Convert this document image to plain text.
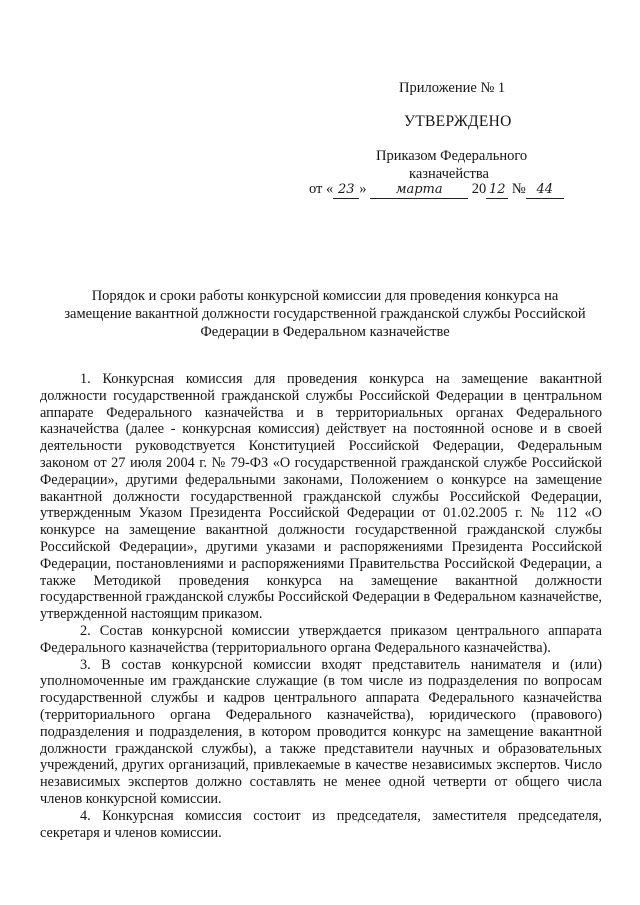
Приложение № 1
УТВЕРЖДЕНО
Приказом Федерального
казначейства
от « 23 » марта 20 12 № 44
Порядок и сроки работы конкурсной комиссии для проведения конкурса на
замещение вакантной должности государственной гражданской службы Российской
Федерации в Федеральном казначействе

1. Конкурсная комиссия для проведения конкурса на замещение вакантной должности государственной гражданской службы Российской Федерации в центральном аппарате Федерального казначейства и в территориальных органах Федерального казначейства (далее - конкурсная комиссия) действует на постоянной основе и в своей деятельности руководствуется Конституцией Российской Федерации, Федеральным законом от 27 июля 2004 г. № 79-ФЗ «О государственной гражданской службе Российской Федерации», другими федеральными законами, Положением о конкурсе на замещение вакантной должности государственной гражданской службы Российской Федерации, утвержденным Указом Президента Российской Федерации от 01.02.2005 г. № 112 «О конкурсе на замещение вакантной должности государственной гражданской службы Российской Федерации», другими указами и распоряжениями Президента Российской Федерации, постановлениями и распоряжениями Правительства Российской Федерации, а также Методикой проведения конкурса на замещение вакантной должности государственной гражданской службы Российской Федерации в Федеральном казначействе, утвержденной настоящим приказом.

2. Состав конкурсной комиссии утверждается приказом центрального аппарата Федерального казначейства (территориального органа Федерального казначейства).

3. В состав конкурсной комиссии входят представитель нанимателя и (или) уполномоченные им гражданские служащие (в том числе из подразделения по вопросам государственной службы и кадров центрального аппарата Федерального казначейства (территориального органа Федерального казначейства), юридического (правового) подразделения и подразделения, в котором проводится конкурс на замещение вакантной должности гражданской службы), а также представители научных и образовательных учреждений, других организаций, привлекаемые в качестве независимых экспертов. Число независимых экспертов должно составлять не менее одной четверти от общего числа членов конкурсной комиссии.

4. Конкурсная комиссия состоит из председателя, заместителя председателя, секретаря и членов комиссии.
